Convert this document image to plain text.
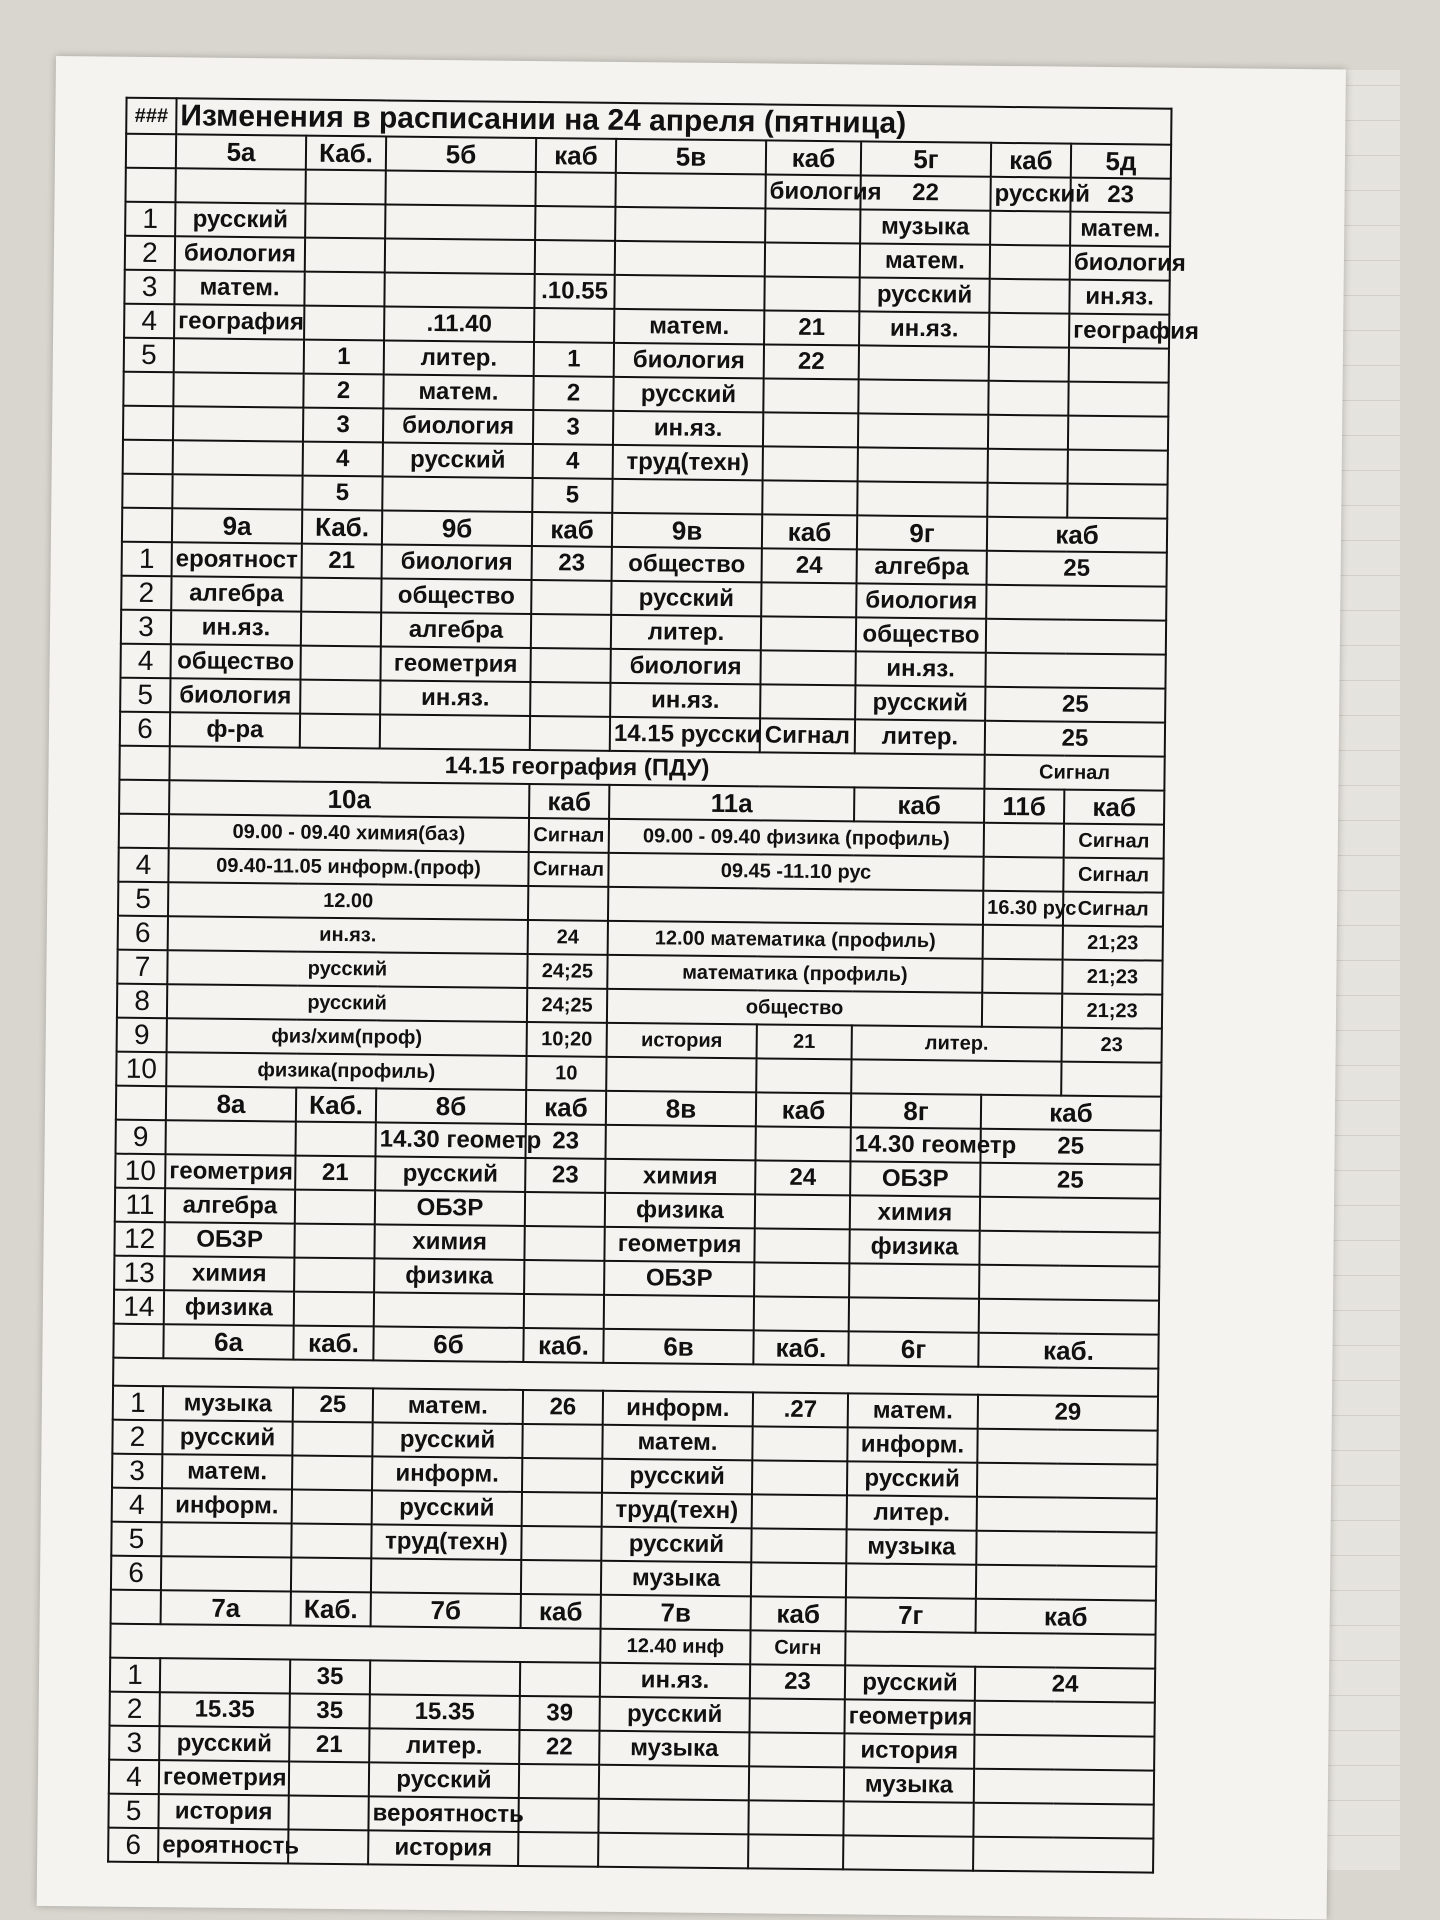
###	Изменения в расписании на 24 апреля (пятница)								
	5а	Каб.	5б	каб	5в	каб	5г	каб	5д
						биология	22	русский	23
1	русский						музыка		матем.
2	биология						матем.		биология
3	матем.			.10.55			русский		ин.яз.
4	география		.11.40		матем.	21	ин.яз.		география
5		1	литер.	1	биология	22			
		2	матем.	2	русский				
		3	биология	3	ин.яз.				
		4	русский	4	труд(техн)				
		5		5					
	9а	Каб.	9б	каб	9в	каб	9г	каб	
1	ероятност	21	биология	23	общество	24	алгебра	25	
2	алгебра		общество		русский		биология		
3	ин.яз.		алгебра		литер.		общество		
4	общество		геометрия		биология		ин.яз.		
5	биология		ин.яз.		ин.яз.		русский	25	
6	ф-ра				14.15 русски	Сигнал	литер.	25	
	14.15 география (ПДУ)							Сигнал	
	10а			каб	11а		каб	11б	каб
	09.00 - 09.40 химия(баз)			Сигнал	09.00 - 09.40 физика (профиль)				Сигнал
4	09.40-11.05 информ.(проф)			Сигнал	09.45 -11.10 рус				Сигнал
5	12.00							16.30 рус	Сигнал
6	ин.яз.			24	12.00 математика (профиль)				21;23
7	русский			24;25	математика (профиль)				21;23
8	русский			24;25	общество				21;23
9	физ/хим(проф)			10;20	история	21	литер.		23
10	физика(профиль)			10					
	8а	Каб.	8б	каб	8в	каб	8г	каб	
9			14.30 геометр	23			14.30 геометр	25	
10	геометрия	21	русский	23	химия	24	ОБЗР	25	
11	алгебра		ОБЗР		физика		химия		
12	ОБЗР		химия		геометрия		физика		
13	химия		физика		ОБЗР				
14	физика								
	6а	каб.	6б	каб.	6в	каб.	6г	каб.	

1	музыка	25	матем.	26	информ.	.27	матем.	29	
2	русский		русский		матем.		информ.		
3	матем.		информ.		русский		русский		
4	информ.		русский		труд(техн)		литер.		
5			труд(техн)		русский		музыка		
6					музыка				
	7а	Каб.	7б	каб	7в	каб	7г	каб	
					12.40 инф	Сигн			
1		35			ин.яз.	23	русский	24	
2	15.35	35	15.35	39	русский		геометрия		
3	русский	21	литер.	22	музыка		история		
4	геометрия		русский				музыка		
5	история		вероятность						
6	ероятность		история						
